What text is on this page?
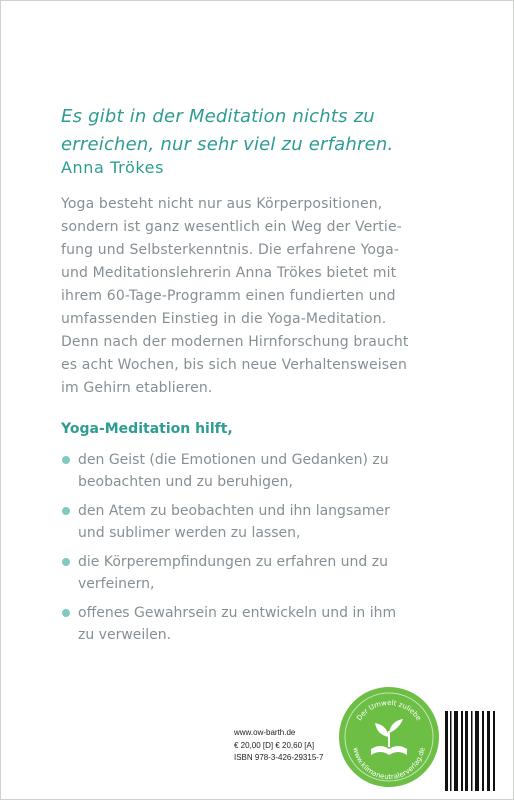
Es gibt in der Meditation nichts zu
erreichen, nur sehr viel zu erfahren.
Anna Trökes
Yoga besteht nicht nur aus Körperpositionen,
sondern ist ganz wesentlich ein Weg der Vertie-
fung und Selbsterkenntnis. Die erfahrene Yoga-
und Meditationslehrerin Anna Trökes bietet mit
ihrem 60-Tage-Programm einen fundierten und
umfassenden Einstieg in die Yoga-Meditation.
Denn nach der modernen Hirnforschung braucht
es acht Wochen, bis sich neue Verhaltensweisen
im Gehirn etablieren.
Yoga-Meditation hilft,
den Geist (die Emotionen und Gedanken) zu
beobachten und zu beruhigen,
den Atem zu beobachten und ihn langsamer
und sublimer werden zu lassen,
die Körperempfindungen zu erfahren und zu
verfeinern,
offenes Gewahrsein zu entwickeln und in ihm
zu verweilen.
www.ow-barth.de
€ 20,00 [D] € 20,60 [A]
ISBN 978-3-426-29315-7
Der Umwelt zuliebe
www.klimaneutralerverlag.de
